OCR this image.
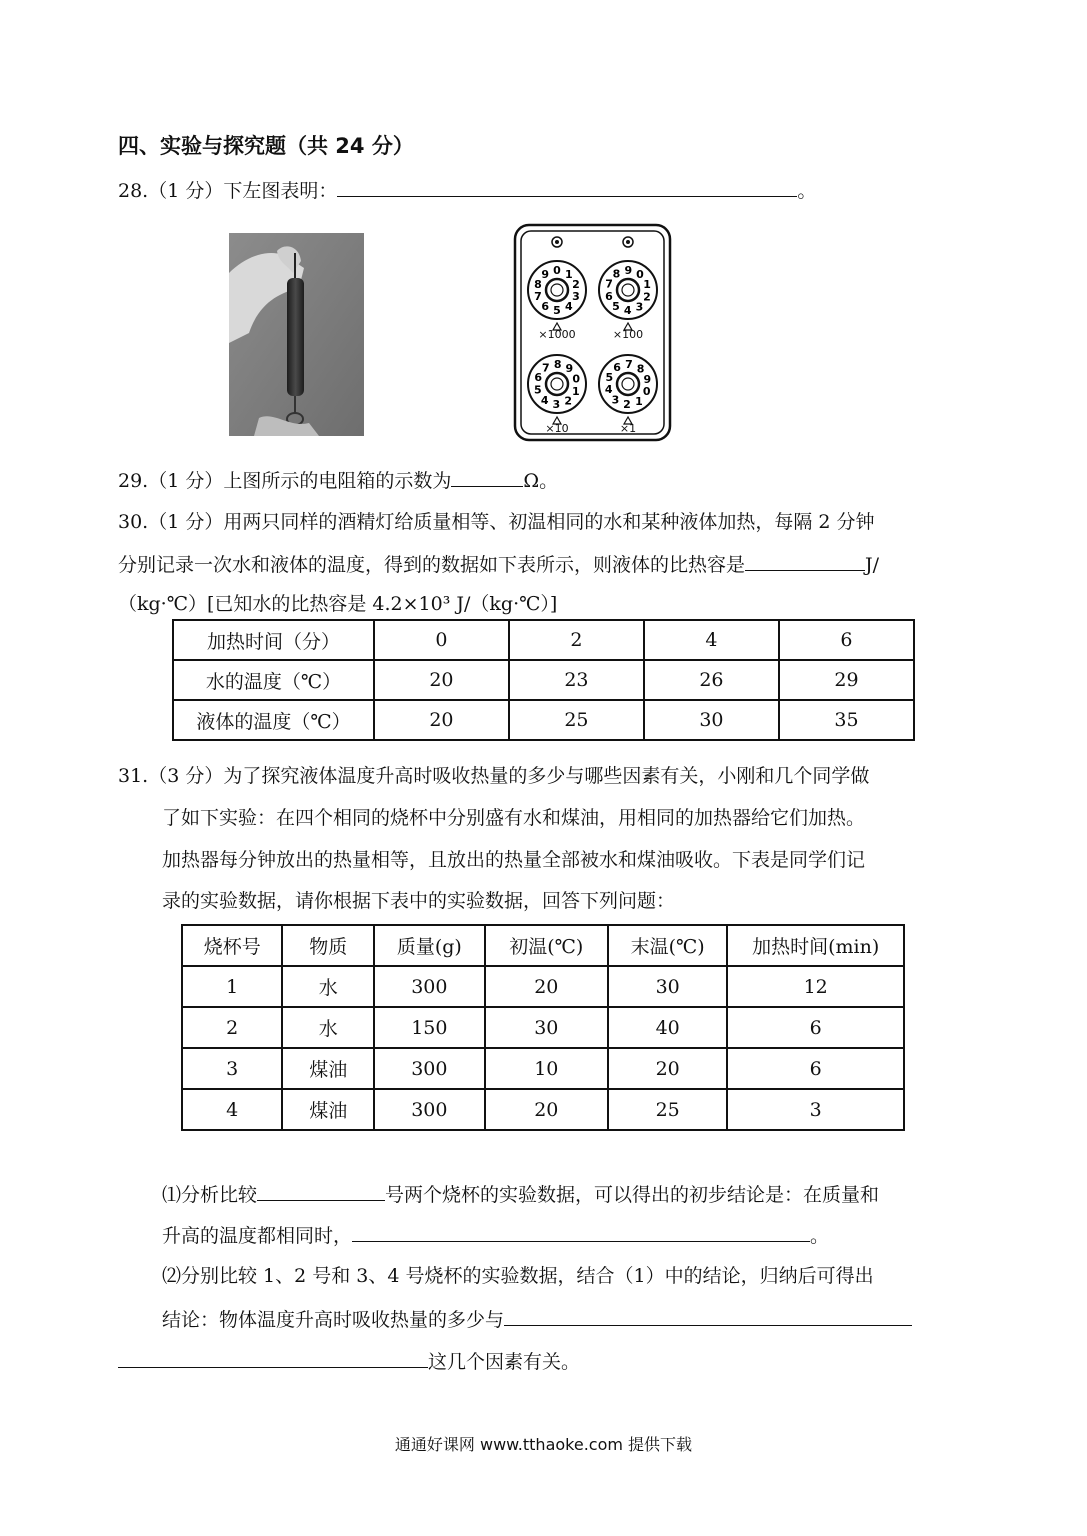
四、实验与探究题（共 24 分）
28.（1 分）下左图表明：	。
0 1
2
3
4
5
6
7
8
9	0
1
2
3
4
5
6
7
8 9
0
1
2
3
4
5
6
7 8 9
0
1
2
3
4
5
6 7 8
9
×1000	×100
×10	×1
29.（1 分）上图所示的电阻箱的示数为	Ω。
30.（1 分）用两只同样的酒精灯给质量相等、初温相同的水和某种液体加热，每隔 2 分钟
分别记录一次水和液体的温度，得到的数据如下表所示，则液体的比热容是	J/
（kg·℃）[已知水的比热容是 4.2×10³ J/（kg·℃）]
加热时间（分）	0	2	4	6
水的温度（℃）	20	23	26	29
液体的温度（℃）	20	25	30	35
31.（3 分）为了探究液体温度升高时吸收热量的多少与哪些因素有关，小刚和几个同学做
了如下实验：在四个相同的烧杯中分别盛有水和煤油，用相同的加热器给它们加热。
加热器每分钟放出的热量相等，且放出的热量全部被水和煤油吸收。下表是同学们记
录的实验数据，请你根据下表中的实验数据，回答下列问题：
烧杯号	物质	质量(g)	初温(℃)	末温(℃)	加热时间(min)
1	水	300	20	30	12
2	水	150	30	40	6
3	煤油	300	10	20	6
4	煤油	300	20	25	3
⑴分析比较	号两个烧杯的实验数据，可以得出的初步结论是：在质量和
升高的温度都相同时，	。
⑵分别比较 1、2 号和 3、4 号烧杯的实验数据，结合（1）中的结论，归纳后可得出
结论：物体温度升高时吸收热量的多少与
这几个因素有关。
通通好课网 www.tthaoke.com 提供下载
